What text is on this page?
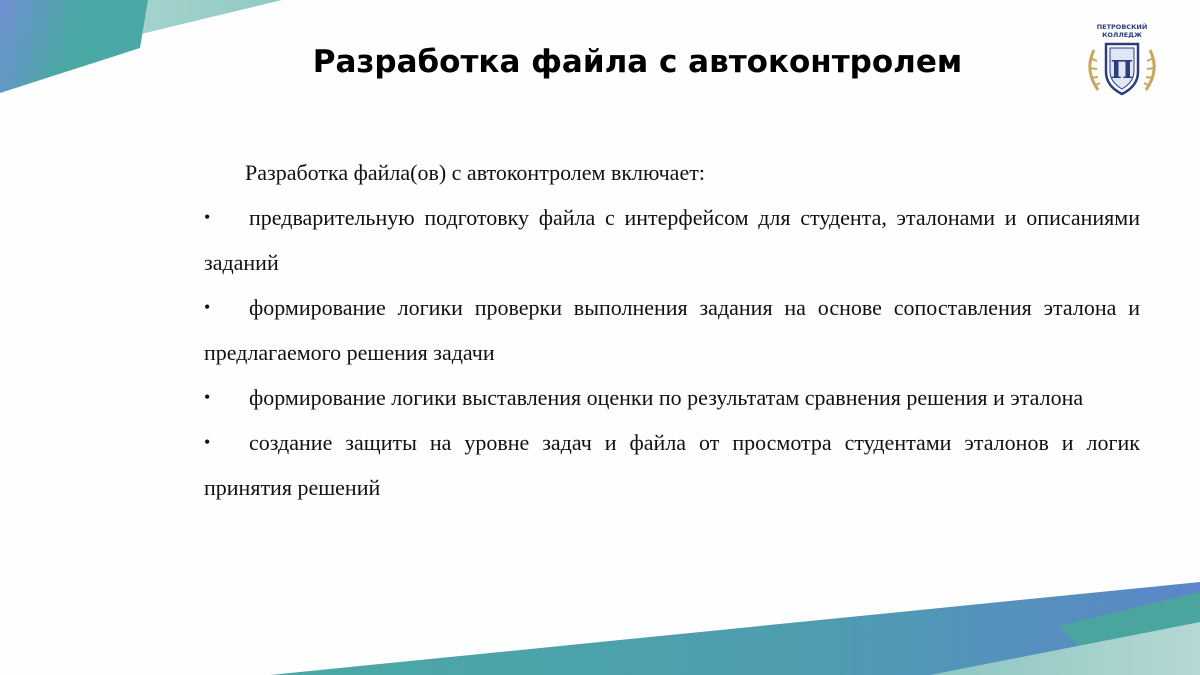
ПЕТРОВСКИЙ
КОЛЛЕДЖ
П
Разработка файла с автоконтролем

Разработка файла(ов) с автоконтролем включает:

• предварительную подготовку файла с интерфейсом для студента, эталонами и описаниями заданий
• формирование логики проверки выполнения задания на основе сопоставления эталона и предлагаемого решения задачи
• формирование логики выставления оценки по результатам сравнения решения и эталона
• создание защиты на уровне задач и файла от просмотра студентами эталонов и логик принятия решений
